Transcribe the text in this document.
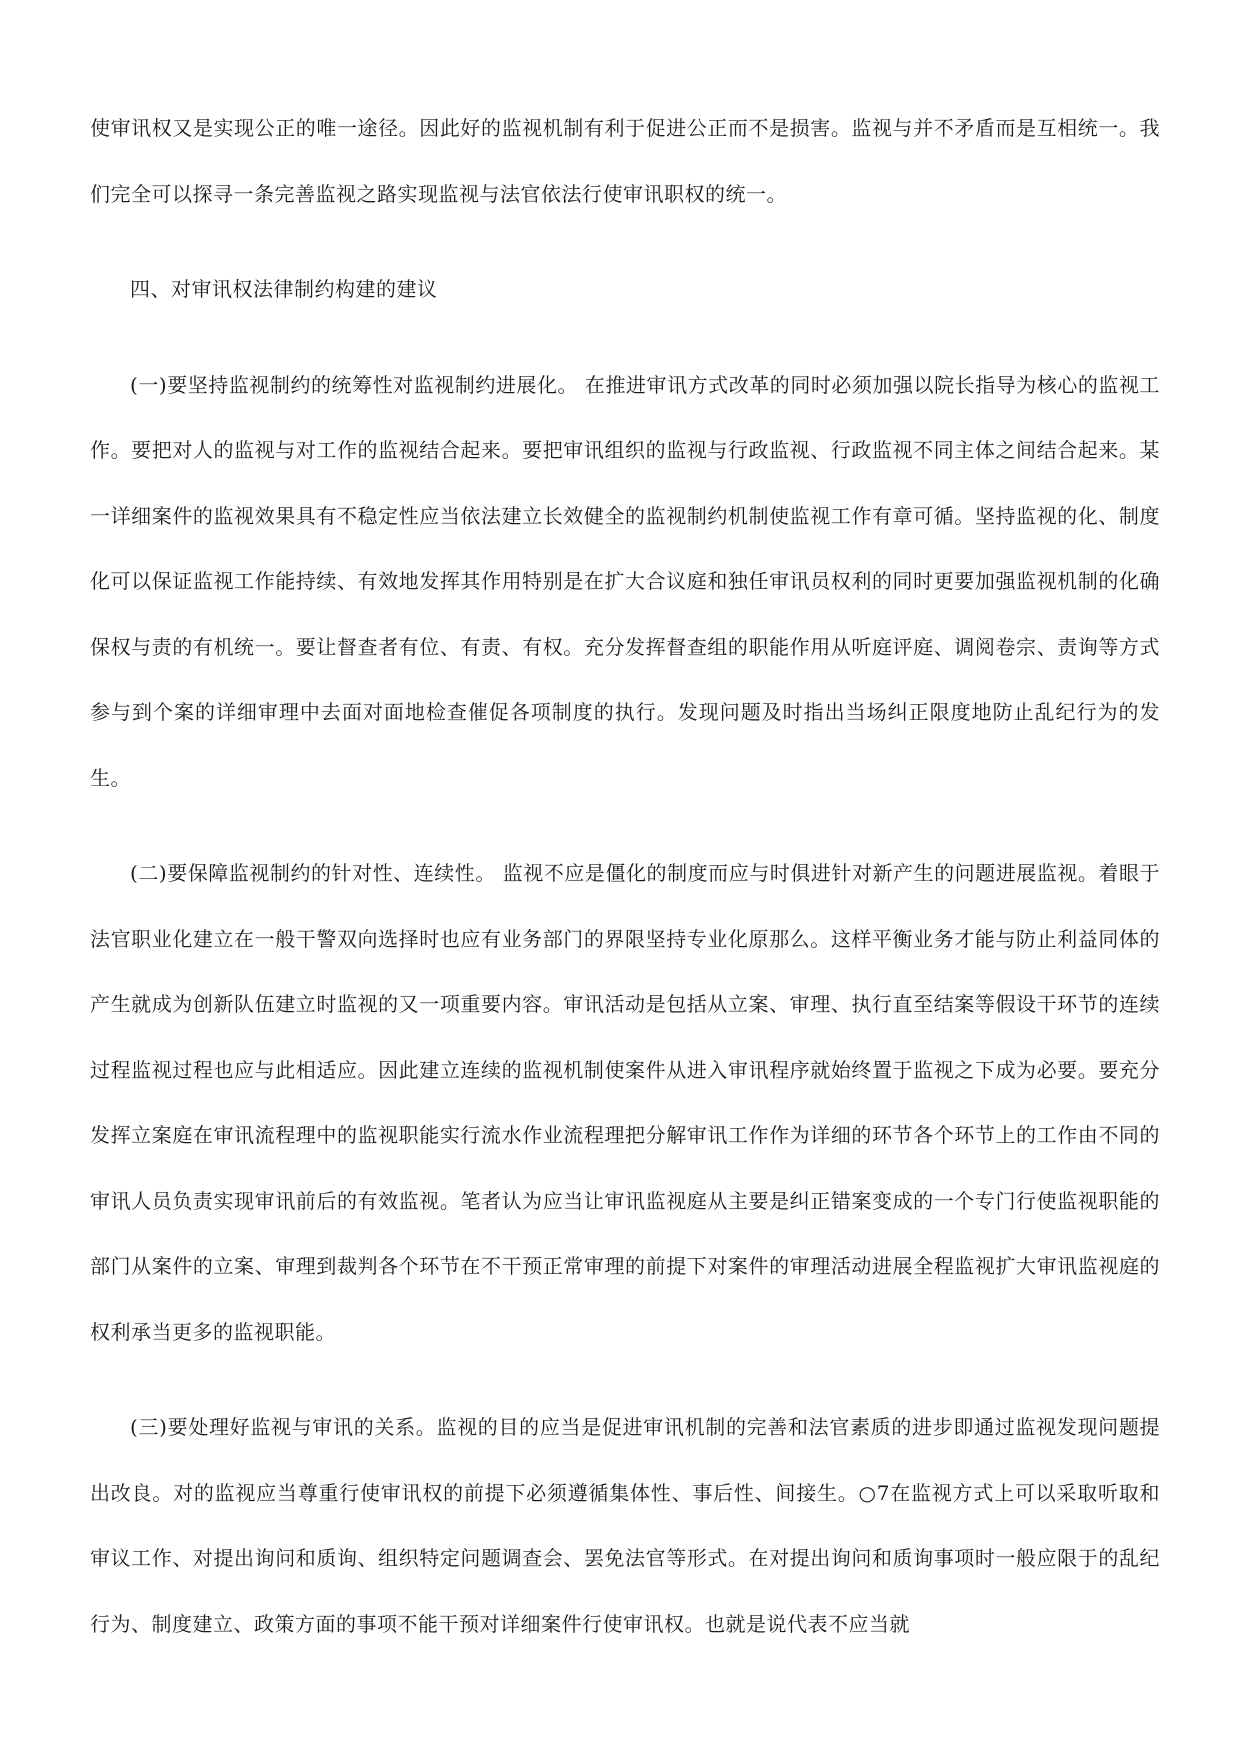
使审讯权又是实现公正的唯一途径。因此好的监视机制有利于促进公正而不是损害。监视与并不矛盾而是互相统一。我们完全可以探寻一条完善监视之路实现监视与法官依法行使审讯职权的统一。

四、对审讯权法律制约构建的建议

(一)要坚持监视制约的统筹性对监视制约进展化。 在推进审讯方式改革的同时必须加强以院长指导为核心的监视工作。要把对人的监视与对工作的监视结合起来。要把审讯组织的监视与行政监视、行政监视不同主体之间结合起来。某一详细案件的监视效果具有不稳定性应当依法建立长效健全的监视制约机制使监视工作有章可循。坚持监视的化、制度化可以保证监视工作能持续、有效地发挥其作用特别是在扩大合议庭和独任审讯员权利的同时更要加强监视机制的化确保权与责的有机统一。要让督查者有位、有责、有权。充分发挥督查组的职能作用从听庭评庭、调阅卷宗、责询等方式参与到个案的详细审理中去面对面地检查催促各项制度的执行。发现问题及时指出当场纠正限度地防止乱纪行为的发生。

(二)要保障监视制约的针对性、连续性。 监视不应是僵化的制度而应与时俱进针对新产生的问题进展监视。着眼于法官职业化建立在一般干警双向选择时也应有业务部门的界限坚持专业化原那么。这样平衡业务才能与防止利益同体的产生就成为创新队伍建立时监视的又一项重要内容。审讯活动是包括从立案、审理、执行直至结案等假设干环节的连续过程监视过程也应与此相适应。因此建立连续的监视机制使案件从进入审讯程序就始终置于监视之下成为必要。要充分发挥立案庭在审讯流程理中的监视职能实行流水作业流程理把分解审讯工作作为详细的环节各个环节上的工作由不同的审讯人员负责实现审讯前后的有效监视。笔者认为应当让审讯监视庭从主要是纠正错案变成的一个专门行使监视职能的部门从案件的立案、审理到裁判各个环节在不干预正常审理的前提下对案件的审理活动进展全程监视扩大审讯监视庭的权利承当更多的监视职能。

(三)要处理好监视与审讯的关系。监视的目的应当是促进审讯机制的完善和法官素质的进步即通过监视发现问题提出改良。对的监视应当尊重行使审讯权的前提下必须遵循集体性、事后性、间接生。○7在监视方式上可以采取听取和审议工作、对提出询问和质询、组织特定问题调查会、罢免法官等形式。在对提出询问和质询事项时一般应限于的乱纪行为、制度建立、政策方面的事项不能干预对详细案件行使审讯权。也就是说代表不应当就
